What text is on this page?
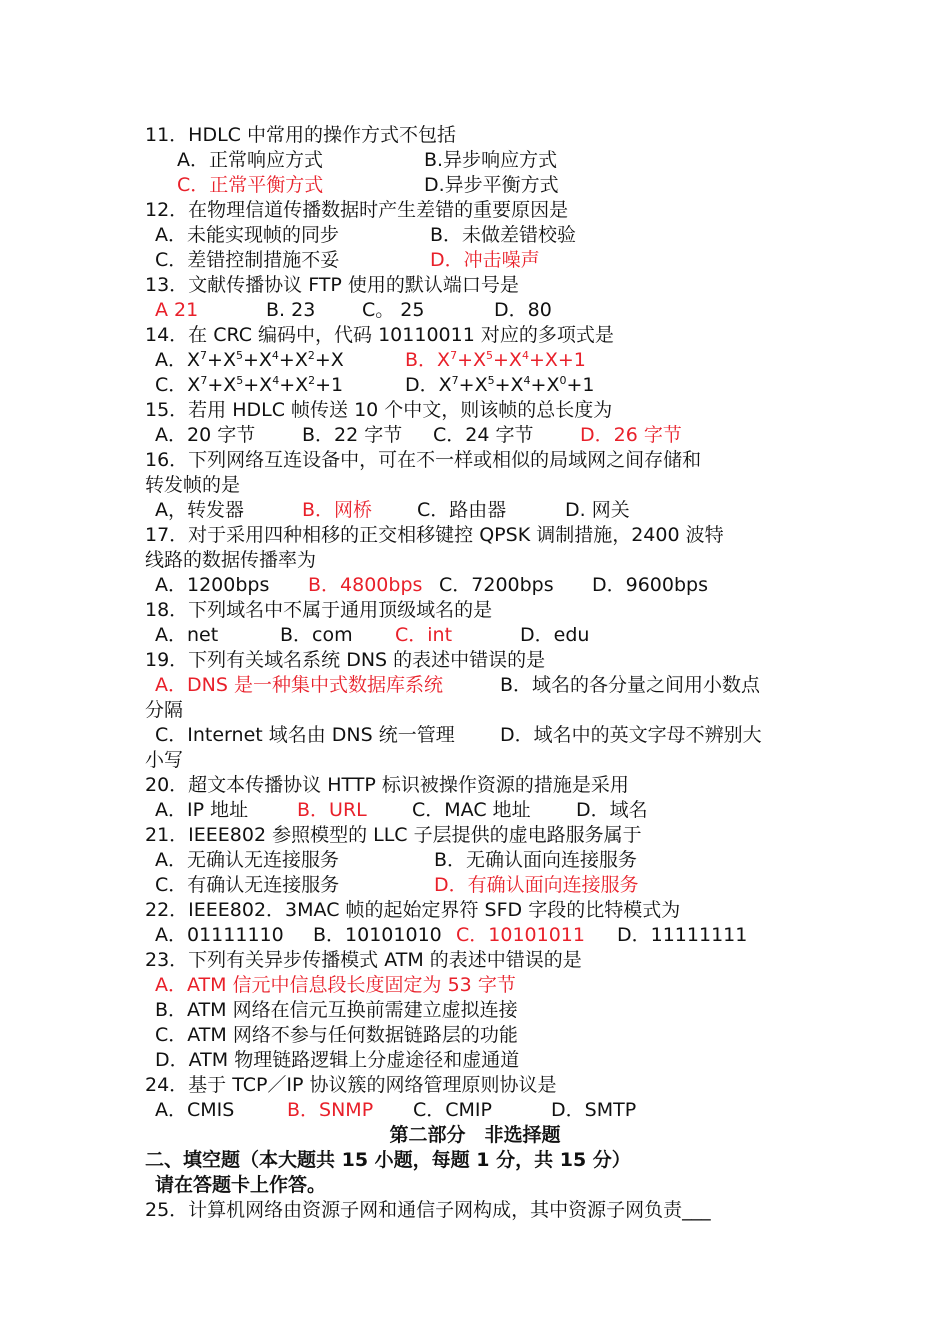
11．HDLC 中常用的操作方式不包括
A．正常响应方式	B.异步响应方式
C．正常平衡方式	D.异步平衡方式
12．在物理信道传播数据时产生差错的重要原因是
A．未能实现帧的同步	B．未做差错校验
C．差错控制措施不妥	D．冲击噪声
13．文献传播协议 FTP 使用的默认端口号是
A 21	B. 23 C。 25	D．80
14．在 CRC 编码中，代码 10110011 对应的多项式是
A．$X^7+X^5+X^4+X^2+X$	B．$X^7+X^5+X^4+X+1$
C．$X^7+X^5+X^4+X^2+1$	D．$X^7+X^5+X^4+X^0+1$
15．若用 HDLC 帧传送 10 个中文，则该帧的总长度为
A．20 字节 B．22 字节 C．24 字节 D．26 字节
16．下列网络互连设备中，可在不一样或相似的局域网之间存储和
转发帧的是
A，转发器	B．网桥 C．路由器	D. 网关
17．对于采用四种相移的正交相移键控 QPSK 调制措施，2400 波特
线路的数据传播率为
A．1200bps B．4800bps C．7200bps D．9600bps
18．下列域名中不属于通用顶级域名的是
A．net	B．com C．int	D．edu
19．下列有关域名系统 DNS 的表述中错误的是
A．DNS 是一种集中式数据库系统	B．域名的各分量之间用小数点
分隔
C．Internet 域名由 DNS 统一管理 D．域名中的英文字母不辨别大
小写
20．超文本传播协议 HTTP 标识被操作资源的措施是采用
A．IP 地址	B．URL C．MAC 地址 D．域名
21．IEEE802 参照模型的 LLC 子层提供的虚电路服务属于
A．无确认无连接服务	B．无确认面向连接服务
C．有确认无连接服务	D．有确认面向连接服务
22．IEEE802．3MAC 帧的起始定界符 SFD 字段的比特模式为
A．01111110 B．10101010 C．10101011 D．11111111
23．下列有关异步传播模式 ATM 的表述中错误的是
A．ATM 信元中信息段长度固定为 53 字节
B．ATM 网络在信元互换前需建立虚拟连接
C．ATM 网络不参与任何数据链路层的功能
D．ATM 物理链路逻辑上分虚途径和虚通道
24．基于 TCP／IP 协议簇的网络管理原则协议是
A．CMIS	B．SNMP C．CMIP	D．SMTP
第二部分　非选择题
二、填空题（本大题共 15 小题，每题 1 分，共 15 分）
请在答题卡上作答。
25．计算机网络由资源子网和通信子网构成，其中资源子网负责___
